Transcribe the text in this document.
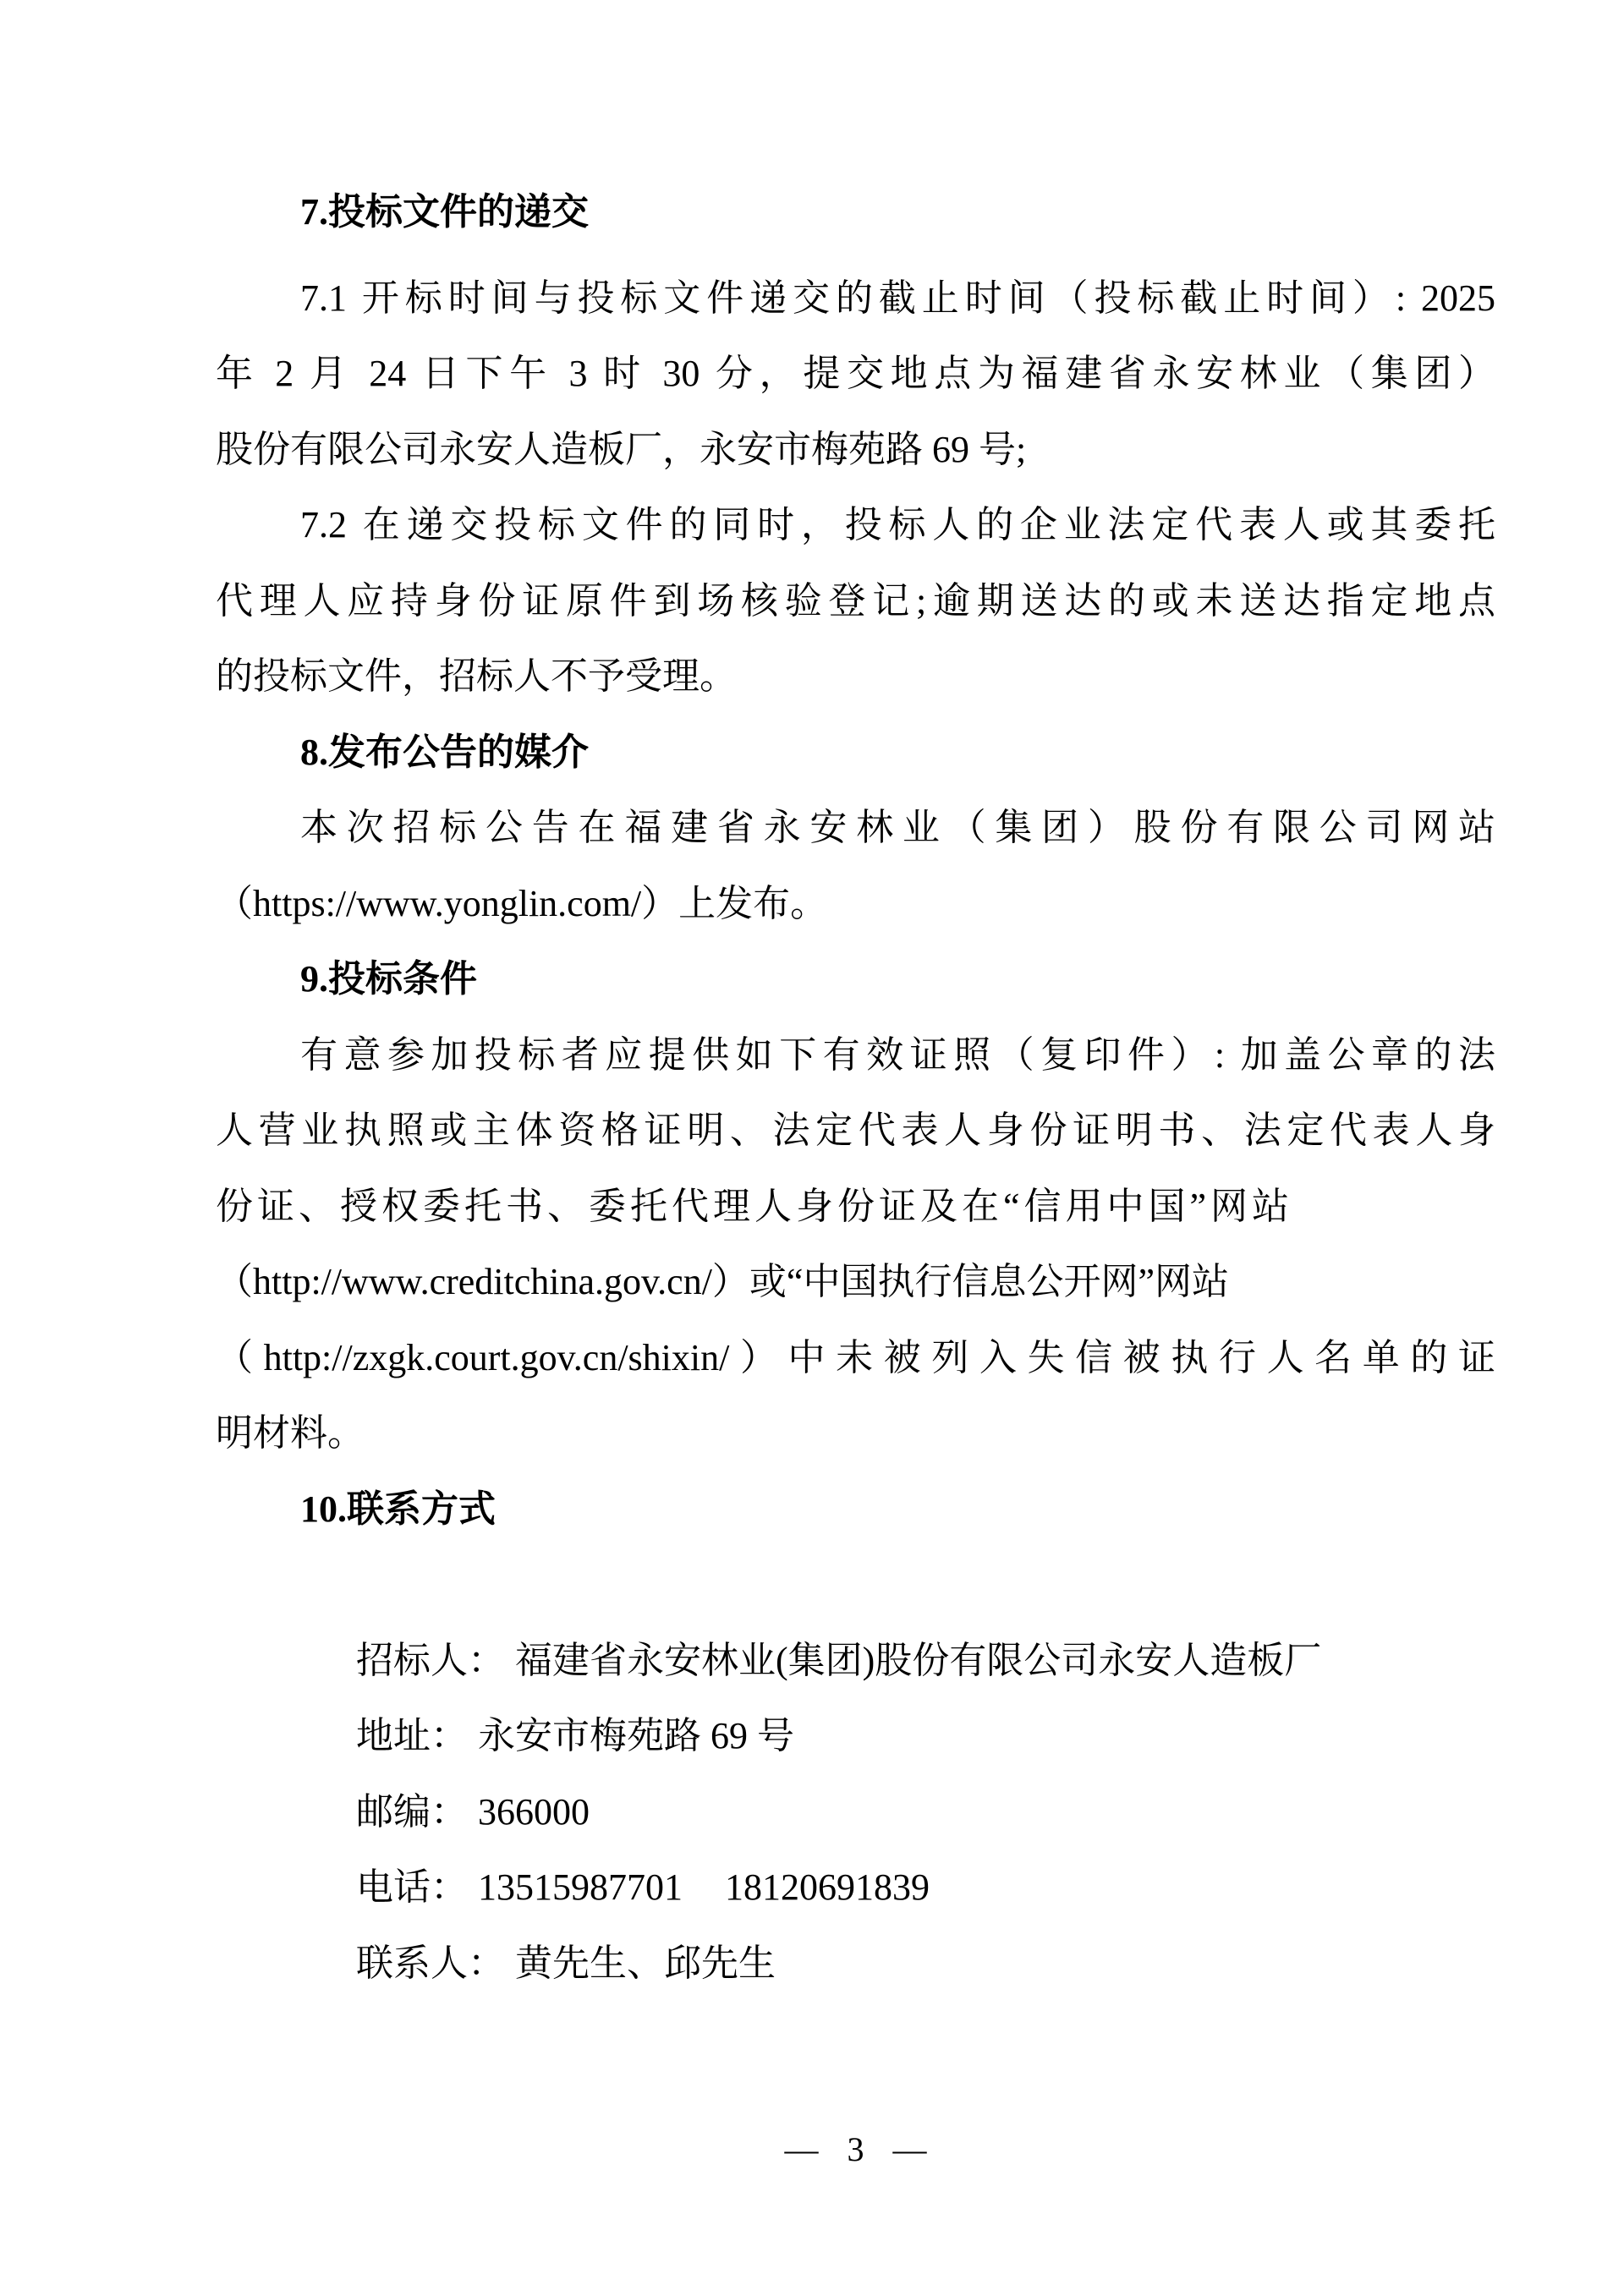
7.投标文件的递交
7.1 开标时间与投标文件递交的截止时间（投标截止时间）: 2025
年 2 月 24 日下午 3 时 30 分，提交地点为福建省永安林业（集团）
股份有限公司永安人造板厂，永安市梅苑路 69 号;
7.2 在递交投标文件的同时，投标人的企业法定代表人或其委托
代理人应持身份证原件到场核验登记;逾期送达的或未送达指定地点
的投标文件，招标人不予受理。
8.发布公告的媒介
本次招标公告在福建省永安林业（集团）股份有限公司网站
（https://www.yonglin.com/）上发布。
9.投标条件
有意参加投标者应提供如下有效证照（复印件）: 加盖公章的法
人营业执照或主体资格证明、法定代表人身份证明书、法定代表人身
份证、授权委托书、委托代理人身份证及在“信用中国”网站
（http://www.creditchina.gov.cn/）或“中国执行信息公开网”网站
（http://zxgk.court.gov.cn/shixin/）中未被列入失信被执行人名单的证
明材料。
10.联系方式

招标人： 福建省永安林业(集团)股份有限公司永安人造板厂

地址： 永安市梅苑路 69 号

邮编： 366000

电话： 13515987701 18120691839

联系人： 黄先生、邱先生

— 3 —
